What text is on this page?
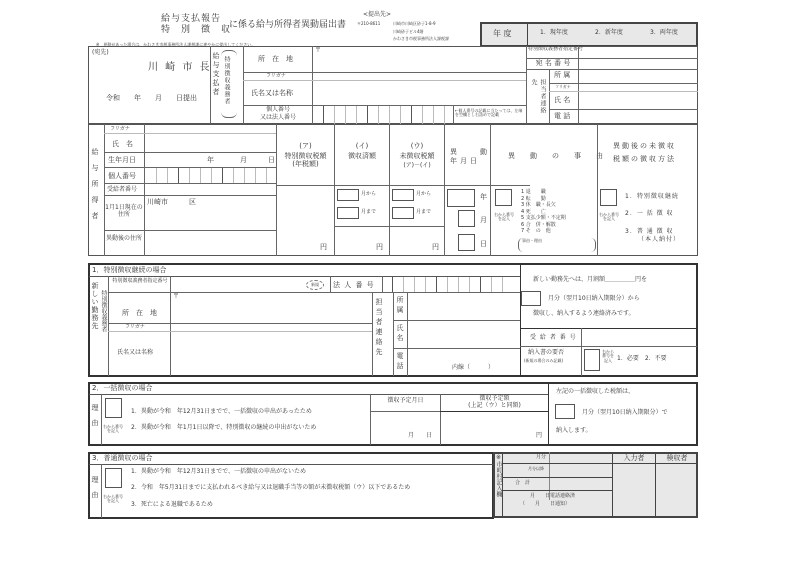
給与支払報告
特　別　徴　収
に係る給与所得者異動届出書
※　異動があった場合は、かわさき市税事務所法人課税課に速やかに提出してください。
<提出先>
〒210-8611	川崎市川崎区砂子1-8-9
川崎砂子ビル4階
かわさき市税事務所法人課税課
年 度	1．現年度	2．新年度	3．両年度
(宛先)
川 崎 市 長
令和　　年　　月　　日提出
給与支払者 特別徴収義務者	所　在　地
〒
フリガナ
氏名又は名称
個人番号
又は法人番号
←個人番号の記載に当たっては、左端を空欄とし右詰めで記載
特別徴収義務者指定番号
宛 名 番 号
担当者連絡先
所 属
フリガナ
氏 名
電 話
給与所得者
フリガナ
氏　名
生年月日	年	月	日
個人番号
受給者番号
1月1日現在の住所
川崎市　　　区
異動後の住所
(ア)
特別徴収税額
(年税額)
円
(イ)
徴収済額
月から
月まで
円
(ウ)
未徴収税額
(ア)－(イ)
月から
月まで
円
異　動
年月日
年
月
日
異　動　の　事　由
右から番号を記入
1 退　　職
2 転　　勤
3 休　職・長欠
4 死　　亡
5 支払少額・不定期
6 合　併・解散
7 そ　の　他
事由・理由
異動後の未徴収
税額の徴収方法
右から番号を記入
1．特別徴収継続
2．一 括 徴 収
3．普 通 徴 収
（本人納付）
1．特別徴収継続の場合
新しい勤務先 特別徴収義務者
特別徴収義務者指定番号
新規	法 人 番 号
所　在　地
〒
フリガナ
氏名又は名称	担当者連絡先 所属
氏名
電話	内線（　　　）
新しい勤務先へは、月割額＿＿＿＿＿円を
月分（翌月10日納入期限分）から
徴収し、納入するよう連絡済みです。
受 給 者 番 号
納入書の要否
(新規の場合のみ記載)
右から番号を記入 1．必要　2．不要
2．一括徴収の場合
理由 右から番号を記入
1．異動が令和　年12月31日までで、一括徴収の申出があったため
2．異動が令和　年1月1日以降で、特別徴収の継続の申出がないため
徴収予定月日
月　　日
徴収予定額
(上記（ウ）と同額)
円
左記の一括徴収した税額は、
月分（翌月10日納入期限分）で
納入します。
3．普通徴収の場合
理由 右から番号を記入
1．異動が令和　年12月31日までで、一括徴収の申出がないため
2．令和　年5月31日までに支払われるべき給与又は退職手当等の額が未徴収税額（ウ）以下であるため
3．死亡による退職であるため
※市町村記入欄	月分
月分以降
合　計
月　　日電話連絡済
（　　月　　日通知）
入力者	検収者
